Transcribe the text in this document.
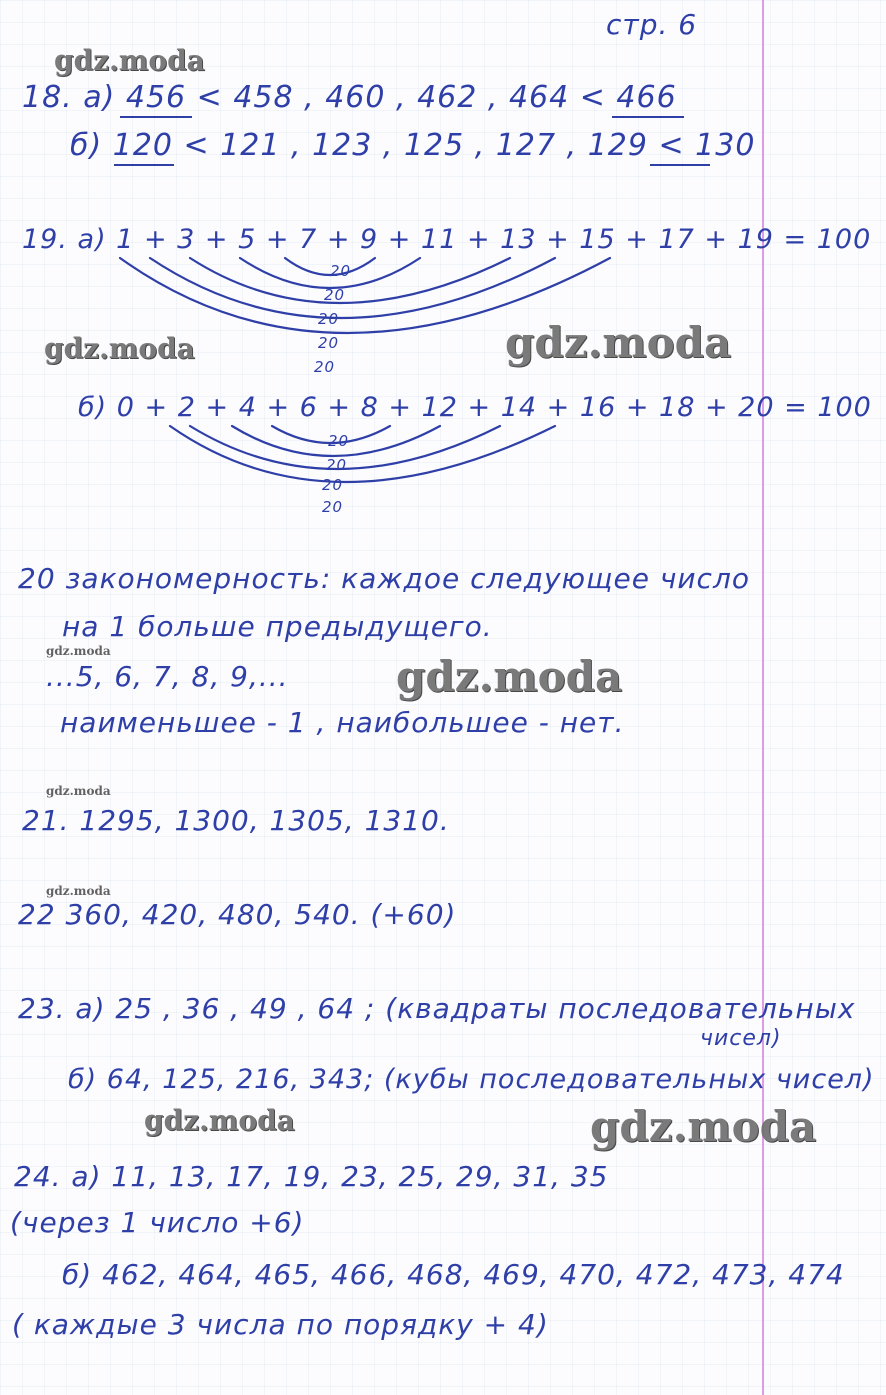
стр. 6
gdz.moda
gdz.moda	gdz.moda
gdz.moda
gdz.moda
gdz.moda
gdz.moda
gdz.moda	gdz.moda
18. а) 456 < 458 , 460 , 462 , 464 < 466
б) 120 < 121 , 123 , 125 , 127 , 129 < 130
19. а) 1 + 3 + 5 + 7 + 9 + 11 + 13 + 15 + 17 + 19 = 100
б) 0 + 2 + 4 + 6 + 8 + 12 + 14 + 16 + 18 + 20 = 100
20
20
20
20
20
20
20
20
20
20 закономерность: каждое следующее число
на 1 больше предыдущего.
...5, 6, 7, 8, 9,...
наименьшее - 1 , наибольшее - нет.
21. 1295, 1300, 1305, 1310.
22 360, 420, 480, 540. (+60)
23. а) 25 , 36 , 49 , 64 ; (квадраты последовательных
чисел)
б) 64, 125, 216, 343; (кубы последовательных чисел)
24. а) 11, 13, 17, 19, 23, 25, 29, 31, 35
(через 1 число +6)
б) 462, 464, 465, 466, 468, 469, 470, 472, 473, 474
( каждые 3 числа по порядку + 4)
